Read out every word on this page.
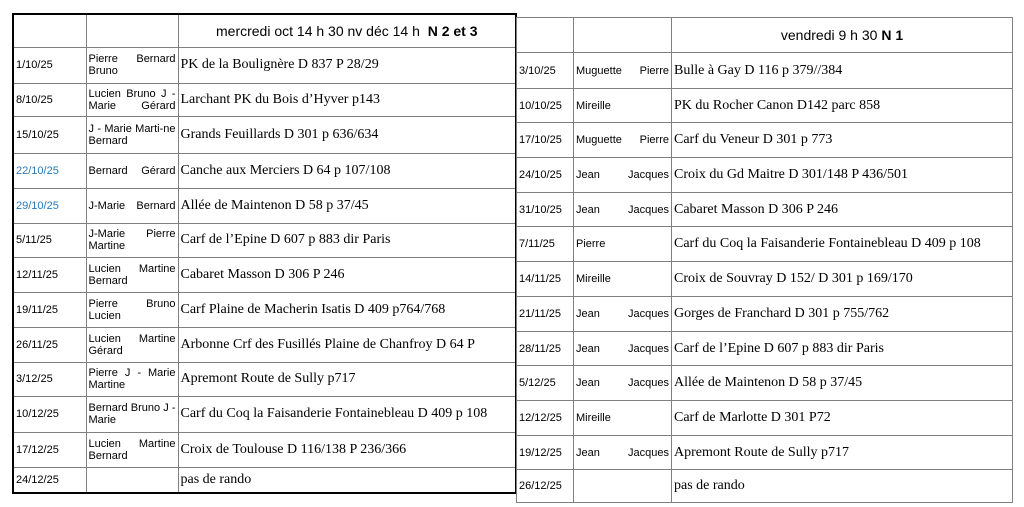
		mercredi oct 14 h 30 nv déc 14 h N 2 et 3
1/10/25	Pierre Bernard Bruno	PK de la Boulignère D 837 P 28/29
8/10/25	Lucien Bruno J -Marie Gérard	Larchant PK du Bois d’Hyver p143
15/10/25	J - Marie Marti-ne Bernard	Grands Feuillards D 301 p 636/634
22/10/25	Bernard Gérard	Canche aux Merciers D 64 p 107/108
29/10/25	J-Marie Bernard	Allée de Maintenon D 58 p 37/45
5/11/25	J-Marie Pierre Martine	Carf de l’Epine D 607 p 883 dir Paris
12/11/25	Lucien Martine Bernard	Cabaret Masson D 306 P 246
19/11/25	Pierre Bruno Lucien	Carf Plaine de Macherin Isatis D 409 p764/768
26/11/25	Lucien Martine Gérard	Arbonne Crf des Fusillés Plaine de Chanfroy D 64 P
3/12/25	Pierre J - Marie Martine	Apremont Route de Sully p717
10/12/25	Bernard Bruno J - Marie	Carf du Coq la Faisanderie Fontainebleau D 409 p 108
17/12/25	Lucien Martine Bernard	Croix de Toulouse D 116/138 P 236/366
24/12/25		pas de rando
		vendredi 9 h 30 N 1
3/10/25	Muguette Pierre	Bulle à Gay D 116 p 379//384
10/10/25	Mireille	PK du Rocher Canon D142 parc 858
17/10/25	Muguette Pierre	Carf du Veneur D 301 p 773
24/10/25	Jean Jacques	Croix du Gd Maitre D 301/148 P 436/501
31/10/25	Jean Jacques	Cabaret Masson D 306 P 246
7/11/25	Pierre	Carf du Coq la Faisanderie Fontainebleau D 409 p 108
14/11/25	Mireille	Croix de Souvray D 152/ D 301 p 169/170
21/11/25	Jean Jacques	Gorges de Franchard D 301 p 755/762
28/11/25	Jean Jacques	Carf de l’Epine D 607 p 883 dir Paris
5/12/25	Jean Jacques	Allée de Maintenon D 58 p 37/45
12/12/25	Mireille	Carf de Marlotte D 301 P72
19/12/25	Jean Jacques	Apremont Route de Sully p717
26/12/25		pas de rando
